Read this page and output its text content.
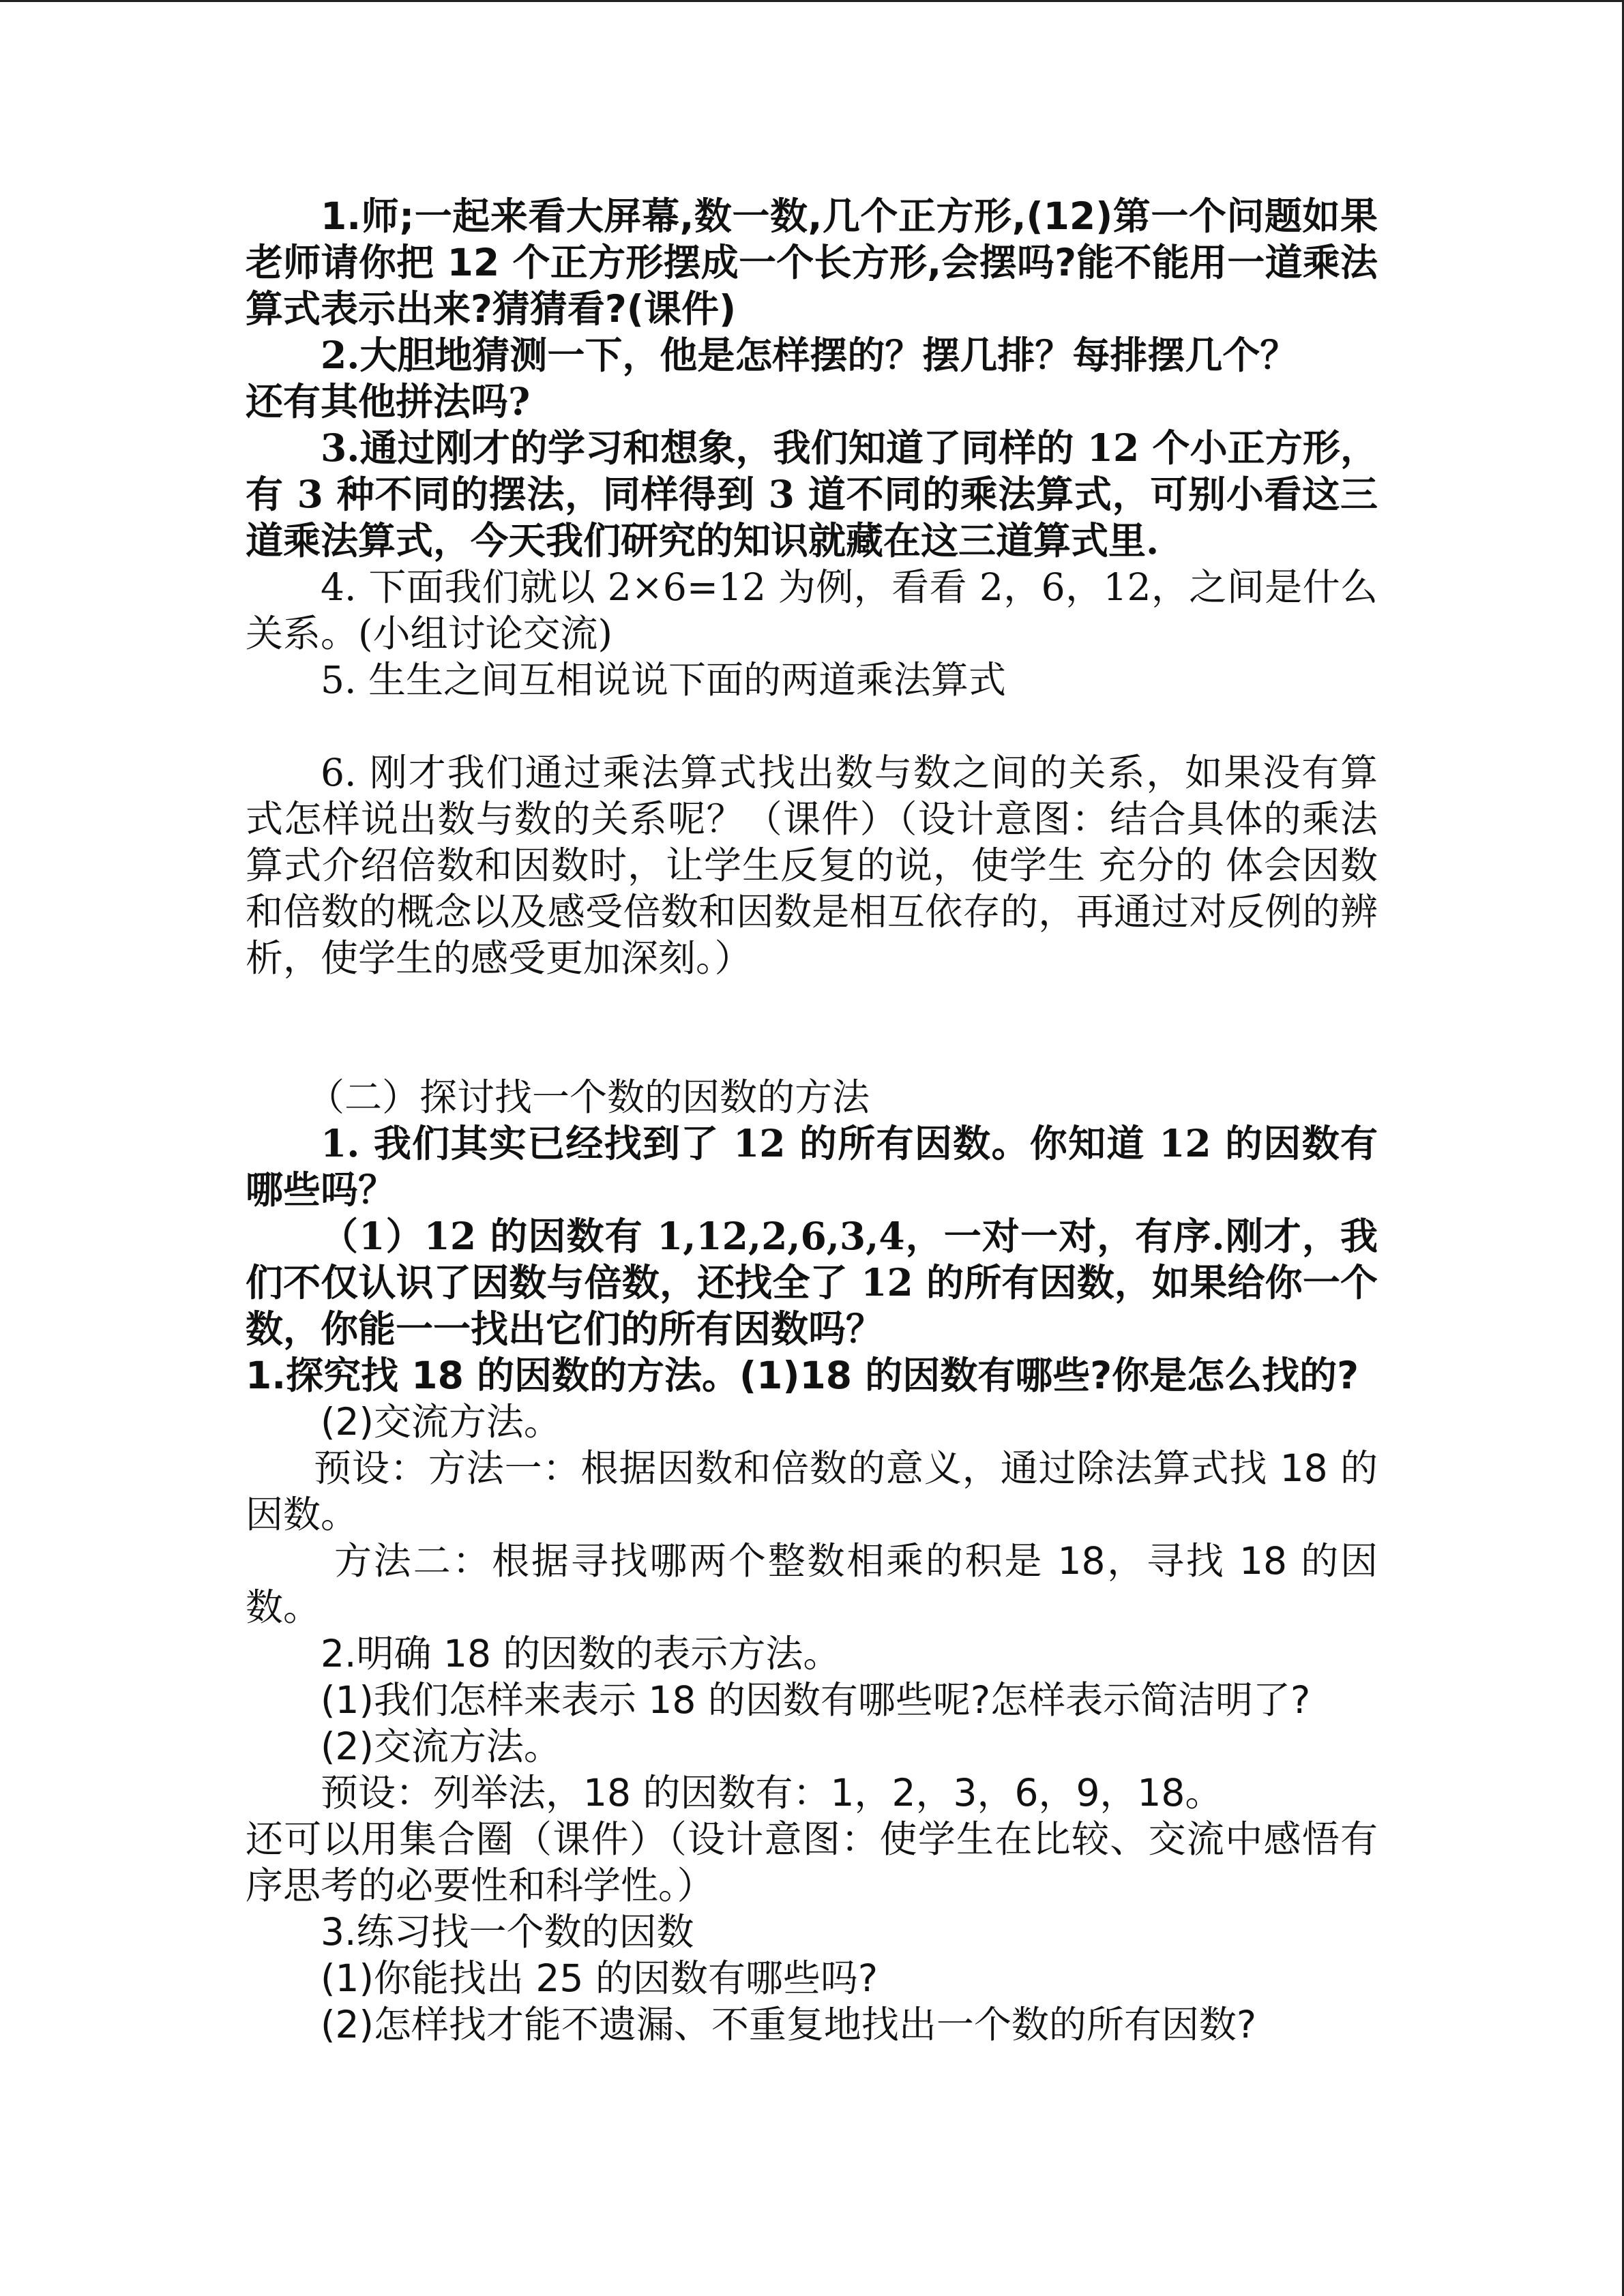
1.师;一起来看大屏幕,数一数,几个正方形,(12)第一个问题如果老师请你把 12 个正方形摆成一个长方形,会摆吗?能不能用一道乘法算式表示出来?猜猜看?(课件)

2.大胆地猜测一下，他是怎样摆的？摆几排？每排摆几个？

还有其他拼法吗?

3.通过刚才的学习和想象，我们知道了同样的 12 个小正方形，有 3 种不同的摆法，同样得到 3 道不同的乘法算式，可别小看这三道乘法算式，今天我们研究的知识就藏在这三道算式里.

4. 下面我们就以 2×6=12 为例，看看 2，6，12，之间是什么关系。(小组讨论交流)

5. 生生之间互相说说下面的两道乘法算式

6. 刚才我们通过乘法算式找出数与数之间的关系，如果没有算式怎样说出数与数的关系呢？（课件）（设计意图：结合具体的乘法算式介绍倍数和因数时，让学生反复的说，使学生 充分的 体会因数和倍数的概念以及感受倍数和因数是相互依存的，再通过对反例的辨析，使学生的感受更加深刻。）

（二）探讨找一个数的因数的方法

1. 我们其实已经找到了 12 的所有因数。你知道 12 的因数有哪些吗？

（1）12 的因数有 1,12,2,6,3,4，一对一对，有序.刚才，我们不仅认识了因数与倍数，还找全了 12 的所有因数，如果给你一个数，你能一一找出它们的所有因数吗？

1.探究找 18 的因数的方法。(1)18 的因数有哪些?你是怎么找的?

(2)交流方法。

预设：方法一：根据因数和倍数的意义，通过除法算式找 18 的因数。

方法二：根据寻找哪两个整数相乘的积是 18，寻找 18 的因数。

2.明确 18 的因数的表示方法。

(1)我们怎样来表示 18 的因数有哪些呢?怎样表示简洁明了?

(2)交流方法。

预设：列举法，18 的因数有：1，2，3，6，9，18。

还可以用集合圈（课件）（设计意图：使学生在比较、交流中感悟有序思考的必要性和科学性。）

3.练习找一个数的因数

(1)你能找出 25 的因数有哪些吗?

(2)怎样找才能不遗漏、不重复地找出一个数的所有因数?
